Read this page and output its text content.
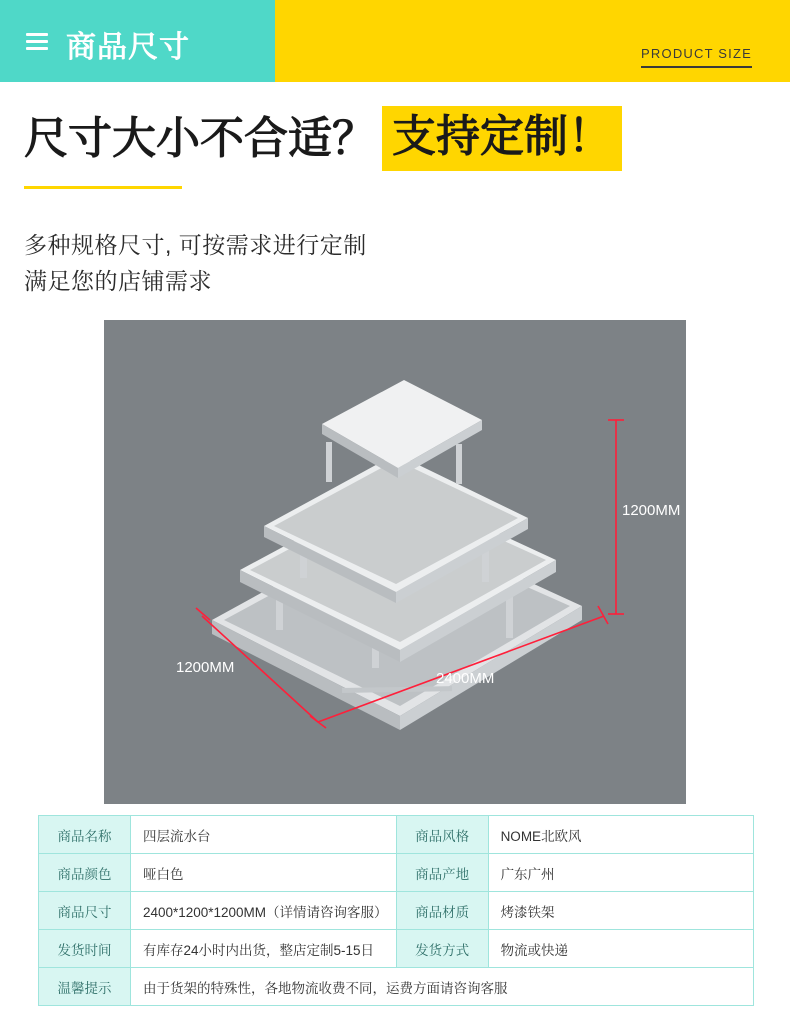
商品尺寸	PRODUCT SIZE
尺寸大小不合适？ 支持定制！
多种规格尺寸, 可按需求进行定制
满足您的店铺需求
1200MM
1200MM
2400MM
商品名称	四层流水台	商品风格	NOME北欧风
商品颜色	哑白色	商品产地	广东广州
商品尺寸	2400*1200*1200MM（详情请咨询客服）	商品材质	烤漆铁架
发货时间	有库存24小时内出货，整店定制5-15日	发货方式	物流或快递
温馨提示	由于货架的特殊性，各地物流收费不同，运费方面请咨询客服		
